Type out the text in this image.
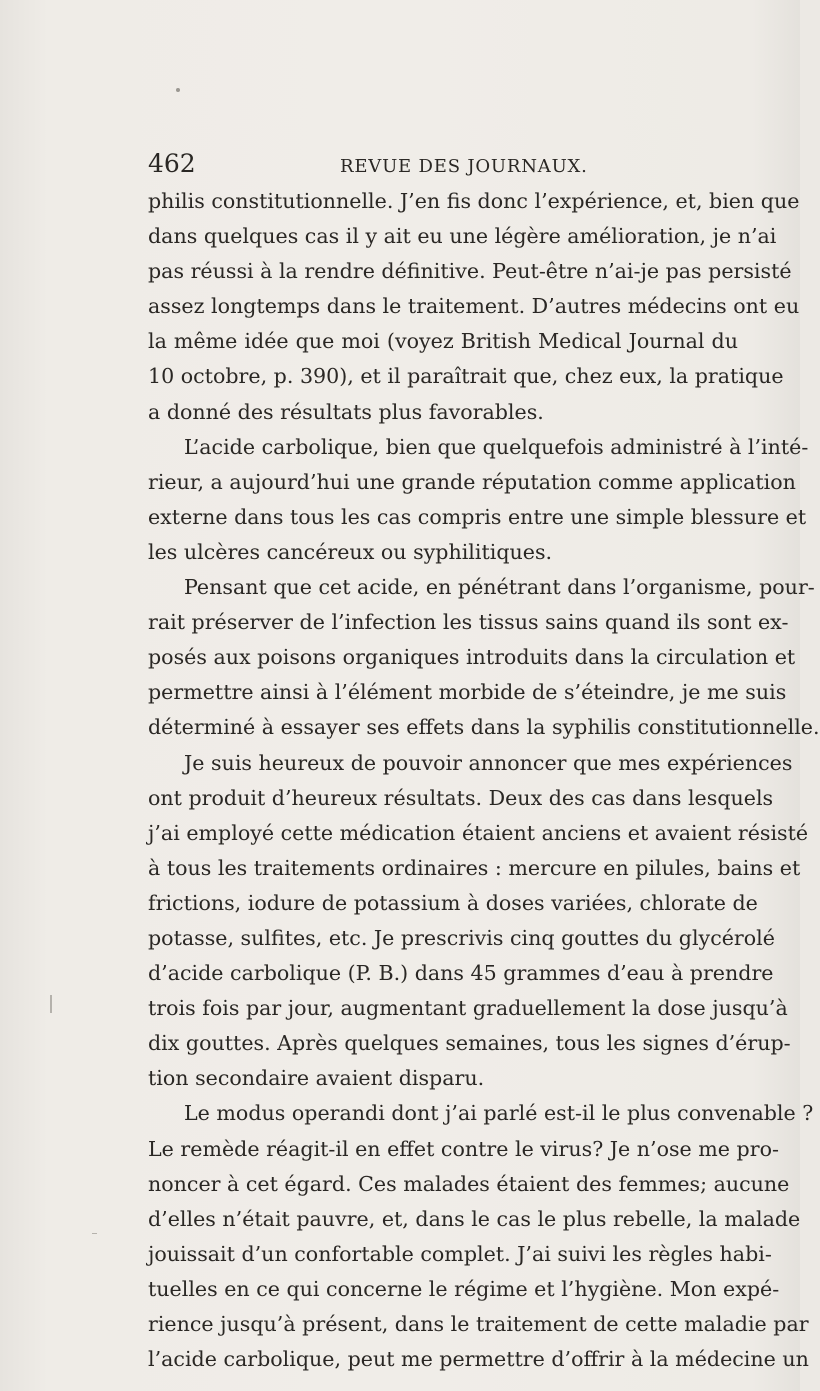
462	REVUE DES JOURNAUX.
philis constitutionnelle. J’en fis donc l’expérience, et, bien que
dans quelques cas il y ait eu une légère amélioration, je n’ai
pas réussi à la rendre définitive. Peut-être n’ai-je pas persisté
assez longtemps dans le traitement. D’autres médecins ont eu
la même idée que moi (voyez British Medical Journal du
10 octobre, p. 390), et il paraîtrait que, chez eux, la pratique
a donné des résultats plus favorables.
L’acide carbolique, bien que quelquefois administré à l’inté-
rieur, a aujourd’hui une grande réputation comme application
externe dans tous les cas compris entre une simple blessure et
les ulcères cancéreux ou syphilitiques.
Pensant que cet acide, en pénétrant dans l’organisme, pour-
rait préserver de l’infection les tissus sains quand ils sont ex-
posés aux poisons organiques introduits dans la circulation et
permettre ainsi à l’élément morbide de s’éteindre, je me suis
déterminé à essayer ses effets dans la syphilis constitutionnelle.
Je suis heureux de pouvoir annoncer que mes expériences
ont produit d’heureux résultats. Deux des cas dans lesquels
j’ai employé cette médication étaient anciens et avaient résisté
à tous les traitements ordinaires : mercure en pilules, bains et
frictions, iodure de potassium à doses variées, chlorate de
potasse, sulfites, etc. Je prescrivis cinq gouttes du glycérolé
d’acide carbolique (P. B.) dans 45 grammes d’eau à prendre
trois fois par jour, augmentant graduellement la dose jusqu’à
dix gouttes. Après quelques semaines, tous les signes d’érup-
tion secondaire avaient disparu.
Le modus operandi dont j’ai parlé est-il le plus convenable ?
Le remède réagit-il en effet contre le virus? Je n’ose me pro-
noncer à cet égard. Ces malades étaient des femmes; aucune
d’elles n’était pauvre, et, dans le cas le plus rebelle, la malade
jouissait d’un confortable complet. J’ai suivi les règles habi-
tuelles en ce qui concerne le régime et l’hygiène. Mon expé-
rience jusqu’à présent, dans le traitement de cette maladie par
l’acide carbolique, peut me permettre d’offrir à la médecine un
